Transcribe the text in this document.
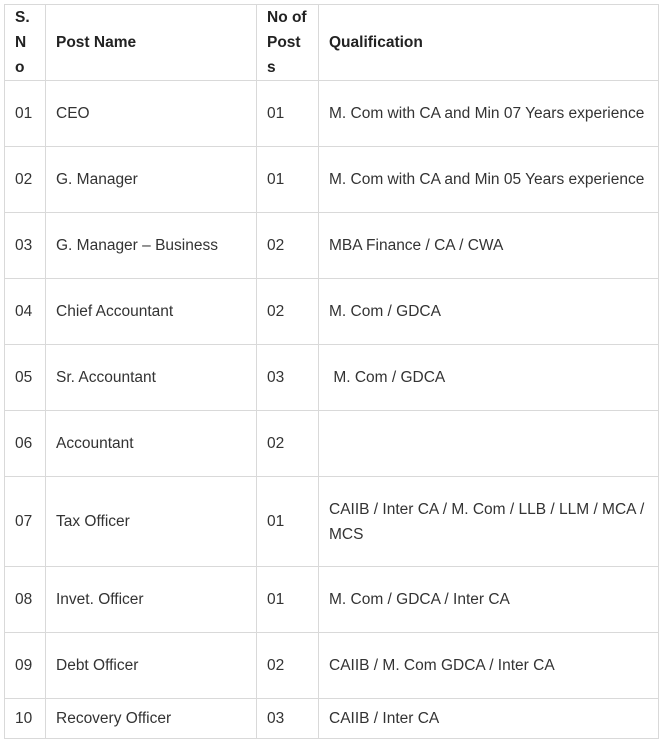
S. No	Post Name	No of Posts	Qualification
01	CEO	01	M. Com with CA and Min 07 Years experience
02	G. Manager	01	M. Com with CA and Min 05 Years experience
03	G. Manager – Business	02	MBA Finance / CA / CWA
04	Chief Accountant	02	M. Com / GDCA
05	Sr. Accountant	03	M. Com / GDCA
06	Accountant	02	
07	Tax Officer	01	CAIIB / Inter CA / M. Com / LLB / LLM / MCA / MCS
08	Invet. Officer	01	M. Com / GDCA / Inter CA
09	Debt Officer	02	CAIIB / M. Com GDCA / Inter CA
10	Recovery Officer	03	CAIIB / Inter CA
